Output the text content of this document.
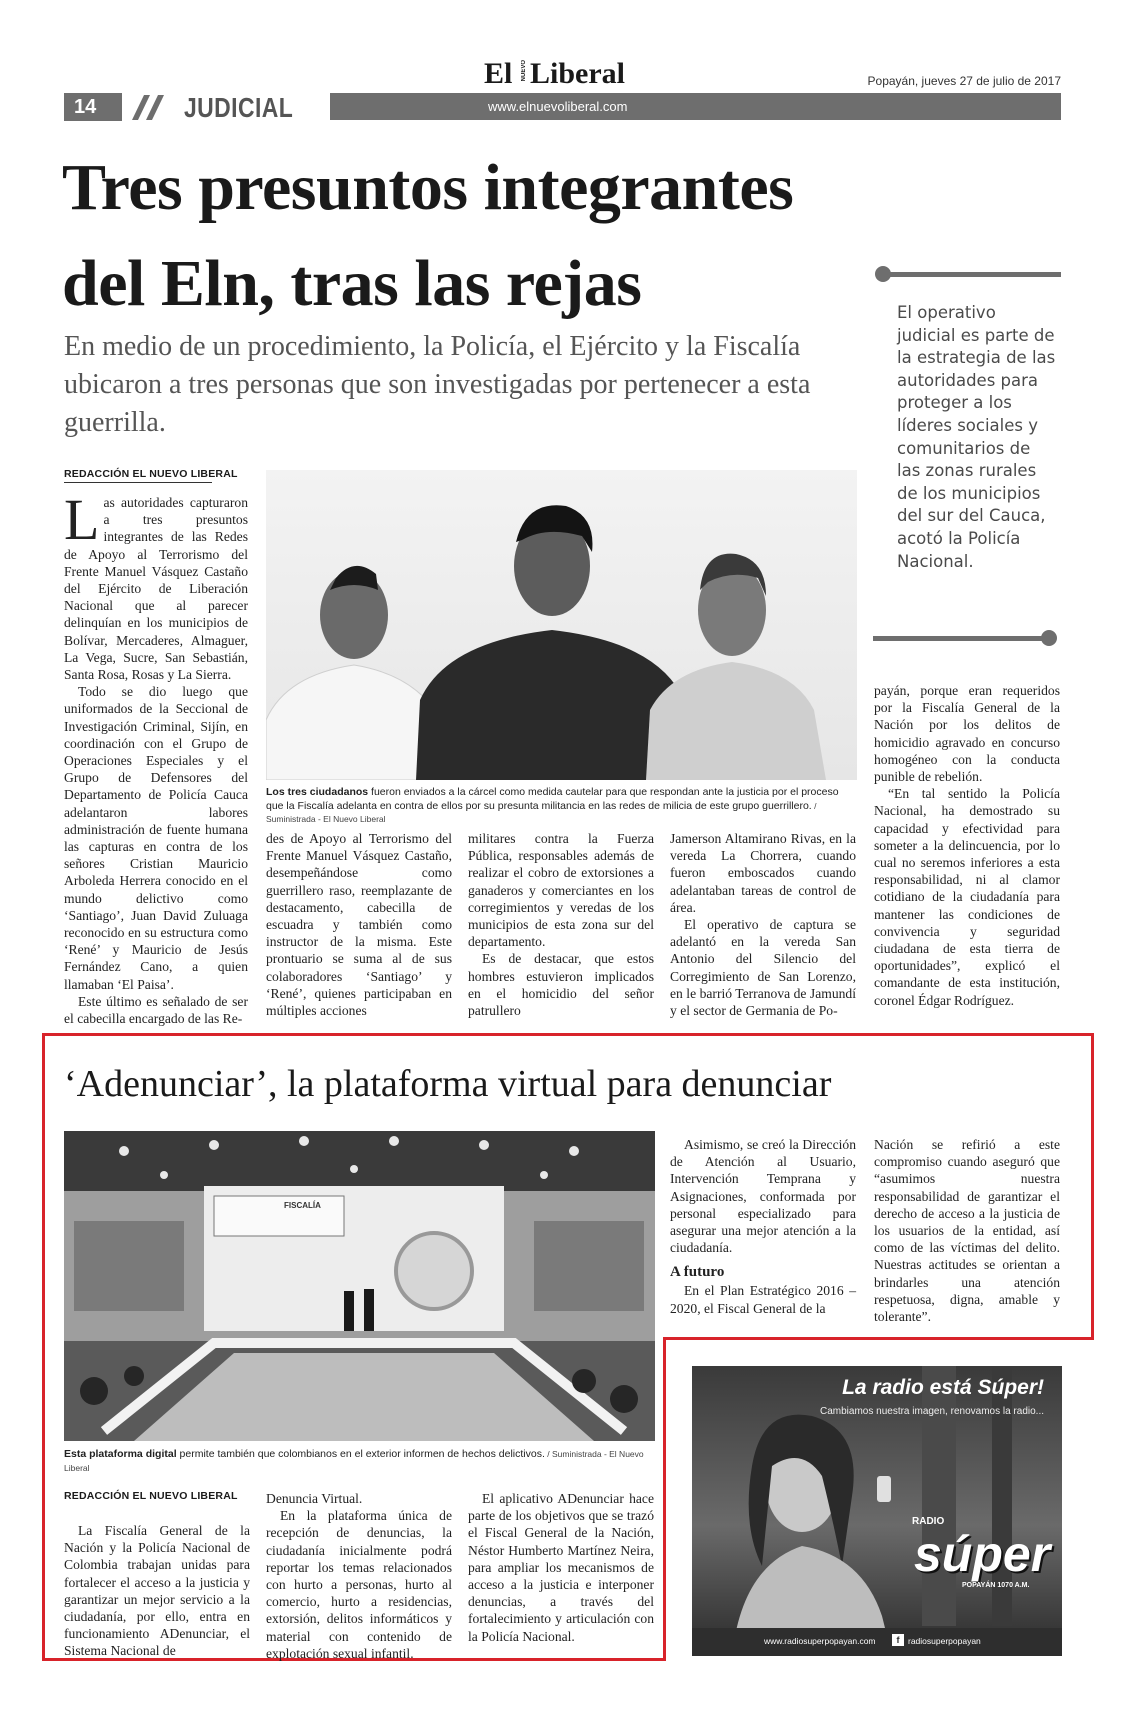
14	JUDICIAL	www.elnuevoliberal.com
El NUEVO Liberal	Popayán, jueves 27 de julio de 2017
Tres presuntos integrantes
del Eln, tras las rejas
En medio de un procedimiento, la Policía, el Ejército y la Fiscalía ubicaron a tres personas que son investigadas por pertenecer a esta guerrilla.
El operativo judicial es parte de la estrategia de las autoridades para proteger a los líderes sociales y comunitarios de las zonas rurales de los municipios del sur del Cauca, acotó la Policía Nacional.
REDACCIÓN EL NUEVO LIBERAL

Las autoridades capturaron a tres presuntos integrantes de las Redes de Apoyo al Terrorismo del Frente Manuel Vásquez Castaño del Ejército de Liberación Nacional que al parecer delinquían en los municipios de Bolívar, Mercaderes, Almaguer, La Vega, Sucre, San Sebastián, Santa Rosa, Rosas y La Sierra.

Todo se dio luego que uniformados de la Seccional de Investigación Criminal, Sijín, en coordinación con el Grupo de Operaciones Especiales y el Grupo de Defensores del Departamento de Policía Cauca adelantaron labores administración de fuente humana las capturas en contra de los señores Cristian Mauricio Arboleda Herrera conocido en el mundo delictivo como ‘Santiago’, Juan David Zuluaga reconocido en su estructura como ‘René’ y Mauricio de Jesús Fernández Cano, a quien llamaban ‘El Paisa’.

Este último es señalado de ser el cabecilla encargado de las Re-

Los tres ciudadanos fueron enviados a la cárcel como medida cautelar para que respondan ante la justicia por el proceso que la Fiscalía adelanta en contra de ellos por su presunta militancia en las redes de milicia de este grupo guerrillero. / Suministrada - El Nuevo Liberal

des de Apoyo al Terrorismo del Frente Manuel Vásquez Castaño, desempeñándose como guerrillero raso, reemplazante de destacamento, cabecilla de escuadra y también como instructor de la misma. Este prontuario se suma al de sus colaboradores ‘Santiago’ y ‘René’, quienes participaban en múltiples acciones

militares contra la Fuerza Pública, responsables además de realizar el cobro de extorsiones a ganaderos y comerciantes en los corregimientos y veredas de los municipios de esta zona sur del departamento.

Es de destacar, que estos hombres estuvieron implicados en el homicidio del señor patrullero

Jamerson Altamirano Rivas, en la vereda La Chorrera, cuando fueron emboscados cuando adelantaban tareas de control de área.

El operativo de captura se adelantó en la vereda San Antonio del Silencio del Corregimiento de San Lorenzo, en le barrió Terranova de Jamundí y el sector de Germania de Po-

payán, porque eran requeridos por la Fiscalía General de la Nación por los delitos de homicidio agravado en concurso homogéneo con la conducta punible de rebelión.

“En tal sentido la Policía Nacional, ha demostrado su capacidad y efectividad para someter a la delincuencia, por lo cual no seremos inferiores a esta responsabilidad, ni al clamor cotidiano de la ciudadanía para mantener las condiciones de convivencia y seguridad ciudadana de esta tierra de oportunidades”, explicó el comandante de esta institución, coronel Édgar Rodríguez.

‘Adenunciar’, la plataforma virtual para denunciar
FISCALÍA
Esta plataforma digital permite también que colombianos en el exterior informen de hechos delictivos. / Suministrada - El Nuevo Liberal
REDACCIÓN EL NUEVO LIBERAL

La Fiscalía General de la Nación y la Policía Nacional de Colombia trabajan unidas para fortalecer el acceso a la justicia y garantizar un mejor servicio a la ciudadanía, por ello, entra en funcionamiento ADenunciar, el Sistema Nacional de

Denuncia Virtual.

En la plataforma única de recepción de denuncias, la ciudadanía inicialmente podrá reportar los temas relacionados con hurto a personas, hurto al comercio, hurto a residencias, extorsión, delitos informáticos y material con contenido de explotación sexual infantil.

El aplicativo ADenunciar hace parte de los objetivos que se trazó el Fiscal General de la Nación, Néstor Humberto Martínez Neira, para ampliar los mecanismos de acceso a la justicia e interponer denuncias, a través del fortalecimiento y articulación con la Policía Nacional.

Asimismo, se creó la Dirección de Atención al Usuario, Intervención Temprana y Asignaciones, conformada por personal especializado para asegurar una mejor atención a la ciudadanía.

A futuro

En el Plan Estratégico 2016 – 2020, el Fiscal General de la

Nación se refirió a este compromiso cuando aseguró que “asumimos nuestra responsabilidad de garantizar el derecho de acceso a la justicia de los usuarios de la entidad, así como de las víctimas del delito. Nuestras actitudes se orientan a brindarles una atención respetuosa, digna, amable y tolerante”.

La radio está Súper!
Cambiamos nuestra imagen, renovamos la radio...
RADIO
súper
POPAYÁN 1070 A.M.
www.radiosuperpopayan.com	f	radiosuperpopayan
